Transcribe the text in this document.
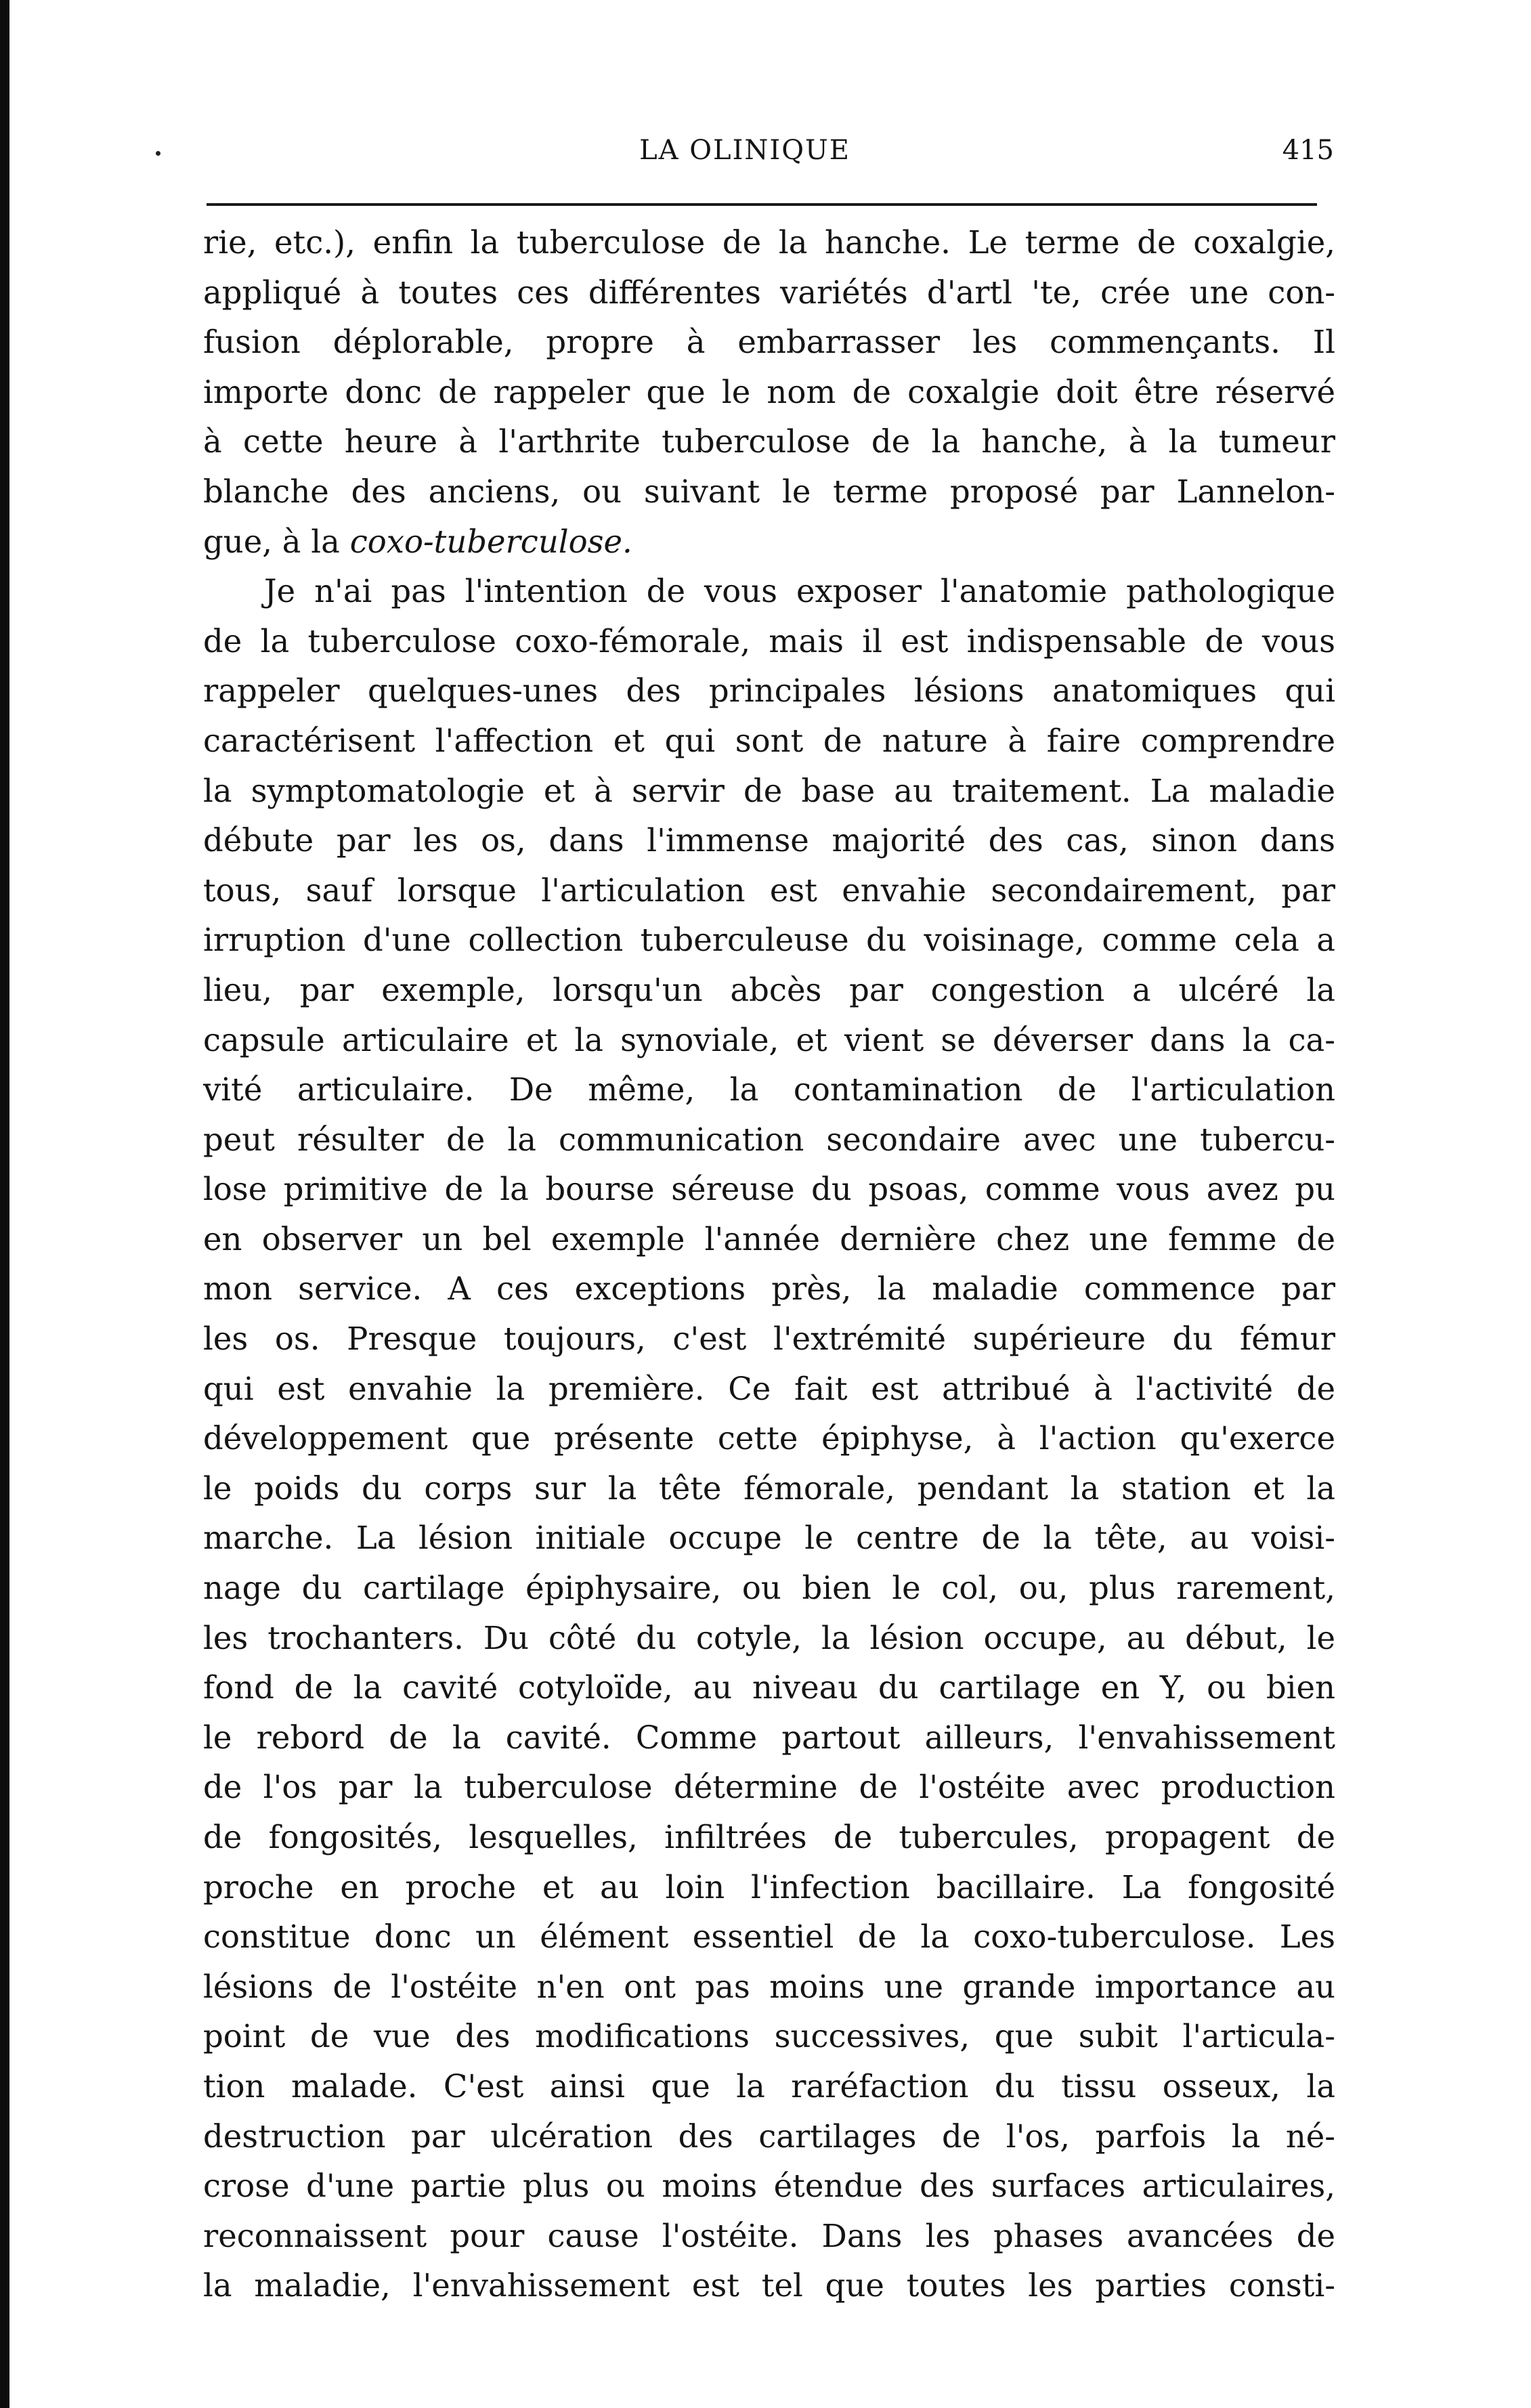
LA OLINIQUE	415
rie, etc.), enfin la tuberculose de la hanche. Le terme de coxalgie,
appliqué à toutes ces différentes variétés d'artl 'te, crée une con-
fusion déplorable, propre à embarrasser les commençants. Il
importe donc de rappeler que le nom de coxalgie doit être réservé
à cette heure à l'arthrite tuberculose de la hanche, à la tumeur
blanche des anciens, ou suivant le terme proposé par Lannelon-
gue, à la coxo-tuberculose.
Je n'ai pas l'intention de vous exposer l'anatomie pathologique
de la tuberculose coxo-fémorale, mais il est indispensable de vous
rappeler quelques-unes des principales lésions anatomiques qui
caractérisent l'affection et qui sont de nature à faire comprendre
la symptomatologie et à servir de base au traitement. La maladie
débute par les os, dans l'immense majorité des cas, sinon dans
tous, sauf lorsque l'articulation est envahie secondairement, par
irruption d'une collection tuberculeuse du voisinage, comme cela a
lieu, par exemple, lorsqu'un abcès par congestion a ulcéré la
capsule articulaire et la synoviale, et vient se déverser dans la ca-
vité articulaire. De même, la contamination de l'articulation
peut résulter de la communication secondaire avec une tubercu-
lose primitive de la bourse séreuse du psoas, comme vous avez pu
en observer un bel exemple l'année dernière chez une femme de
mon service. A ces exceptions près, la maladie commence par
les os. Presque toujours, c'est l'extrémité supérieure du fémur
qui est envahie la première. Ce fait est attribué à l'activité de
développement que présente cette épiphyse, à l'action qu'exerce
le poids du corps sur la tête fémorale, pendant la station et la
marche. La lésion initiale occupe le centre de la tête, au voisi-
nage du cartilage épiphysaire, ou bien le col, ou, plus rarement,
les trochanters. Du côté du cotyle, la lésion occupe, au début, le
fond de la cavité cotyloïde, au niveau du cartilage en Y, ou bien
le rebord de la cavité. Comme partout ailleurs, l'envahissement
de l'os par la tuberculose détermine de l'ostéite avec production
de fongosités, lesquelles, infiltrées de tubercules, propagent de
proche en proche et au loin l'infection bacillaire. La fongosité
constitue donc un élément essentiel de la coxo-tuberculose. Les
lésions de l'ostéite n'en ont pas moins une grande importance au
point de vue des modifications successives, que subit l'articula-
tion malade. C'est ainsi que la raréfaction du tissu osseux, la
destruction par ulcération des cartilages de l'os, parfois la né-
crose d'une partie plus ou moins étendue des surfaces articulaires,
reconnaissent pour cause l'ostéite. Dans les phases avancées de
la maladie, l'envahissement est tel que toutes les parties consti-
